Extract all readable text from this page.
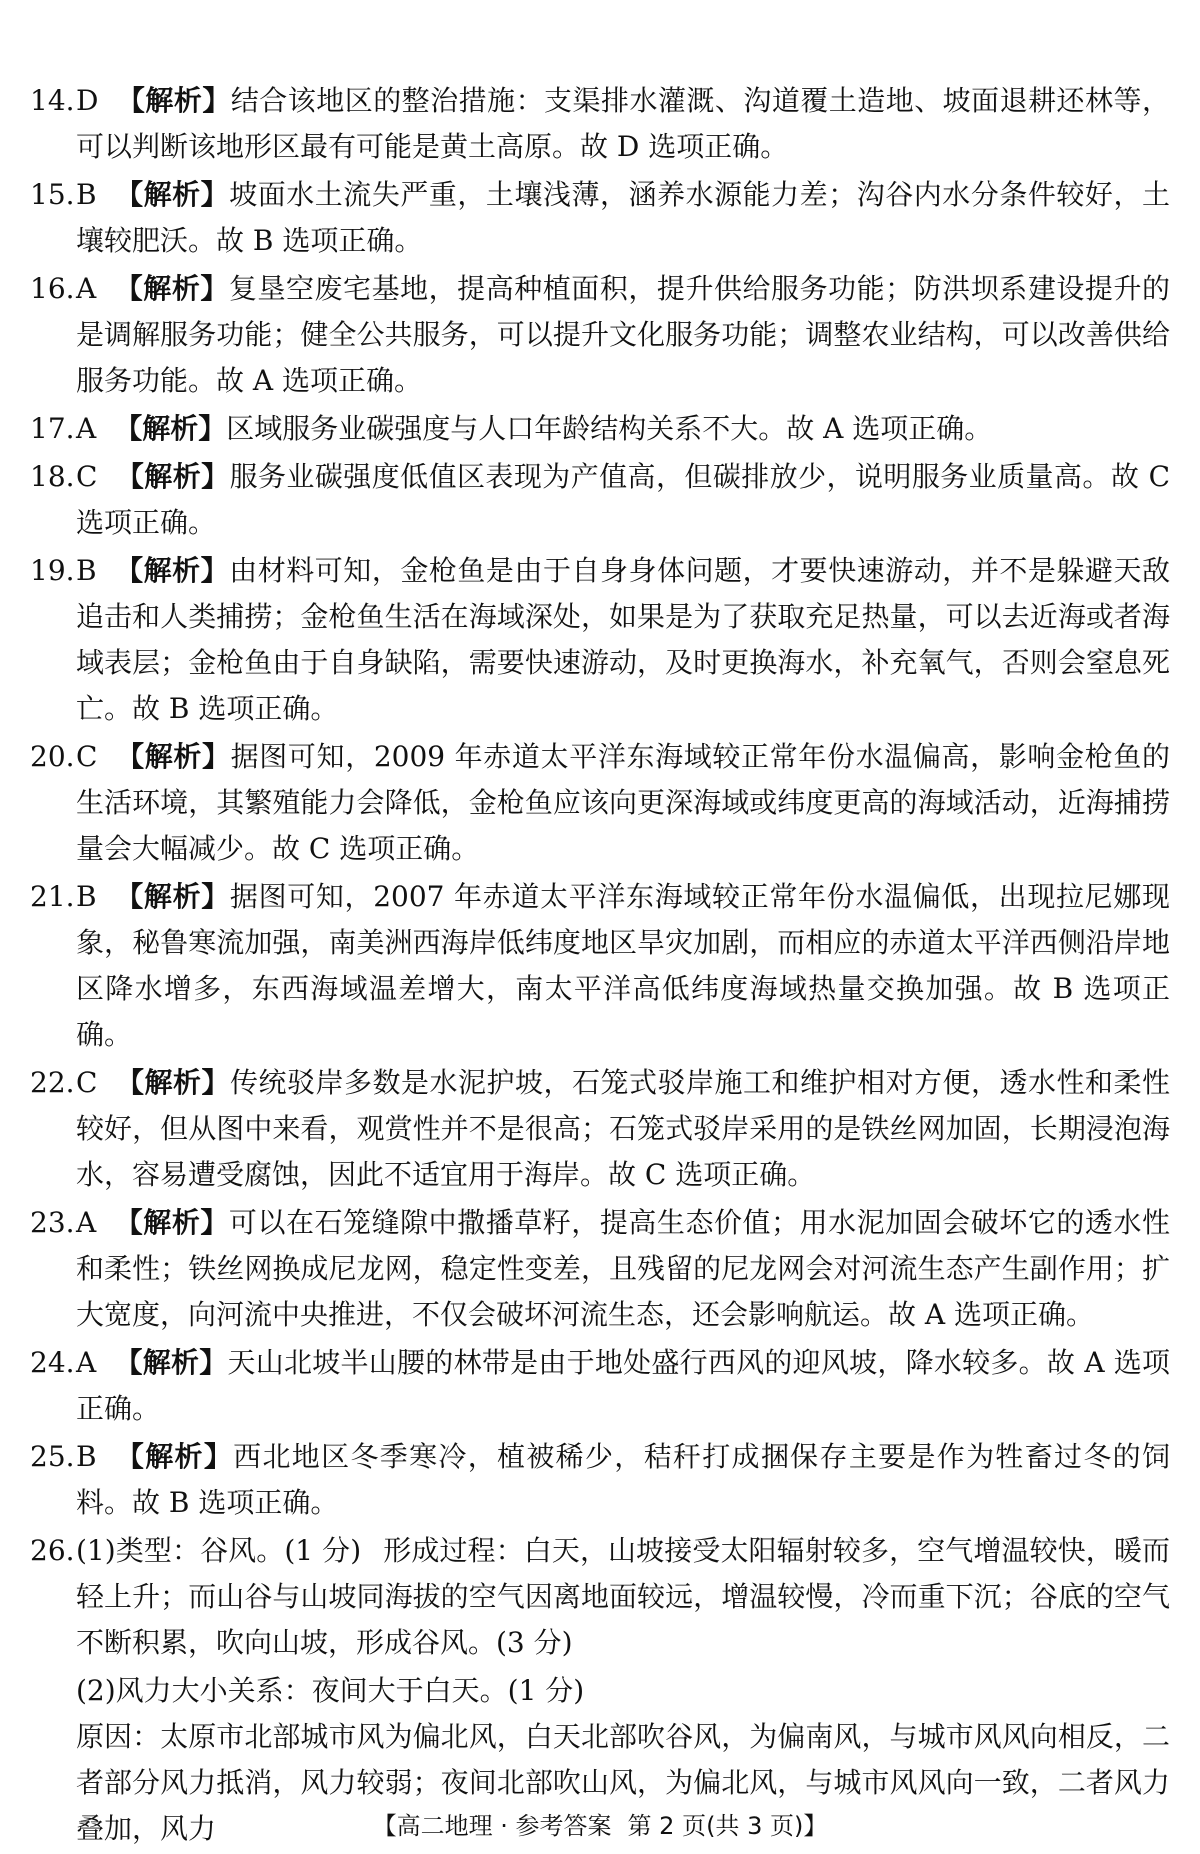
14. D 【解析】结合该地区的整治措施：支渠排水灌溉、沟道覆土造地、坡面退耕还林等，可以判断该地形区最有可能是黄土高原。故 D 选项正确。
15. B 【解析】坡面水土流失严重，土壤浅薄，涵养水源能力差；沟谷内水分条件较好，土壤较肥沃。故 B 选项正确。
16. A 【解析】复垦空废宅基地，提高种植面积，提升供给服务功能；防洪坝系建设提升的是调解服务功能；健全公共服务，可以提升文化服务功能；调整农业结构，可以改善供给服务功能。故 A 选项正确。
17. A 【解析】区域服务业碳强度与人口年龄结构关系不大。故 A 选项正确。
18. C 【解析】服务业碳强度低值区表现为产值高，但碳排放少，说明服务业质量高。故 C 选项正确。
19. B 【解析】由材料可知，金枪鱼是由于自身身体问题，才要快速游动，并不是躲避天敌追击和人类捕捞；金枪鱼生活在海域深处，如果是为了获取充足热量，可以去近海或者海域表层；金枪鱼由于自身缺陷，需要快速游动，及时更换海水，补充氧气，否则会窒息死亡。故 B 选项正确。
20. C 【解析】据图可知，2009 年赤道太平洋东海域较正常年份水温偏高，影响金枪鱼的生活环境，其繁殖能力会降低，金枪鱼应该向更深海域或纬度更高的海域活动，近海捕捞量会大幅减少。故 C 选项正确。
21. B 【解析】据图可知，2007 年赤道太平洋东海域较正常年份水温偏低，出现拉尼娜现象，秘鲁寒流加强，南美洲西海岸低纬度地区旱灾加剧，而相应的赤道太平洋西侧沿岸地区降水增多，东西海域温差增大，南太平洋高低纬度海域热量交换加强。故 B 选项正确。
22. C 【解析】传统驳岸多数是水泥护坡，石笼式驳岸施工和维护相对方便，透水性和柔性较好，但从图中来看，观赏性并不是很高；石笼式驳岸采用的是铁丝网加固，长期浸泡海水，容易遭受腐蚀，因此不适宜用于海岸。故 C 选项正确。
23. A 【解析】可以在石笼缝隙中撒播草籽，提高生态价值；用水泥加固会破坏它的透水性和柔性；铁丝网换成尼龙网，稳定性变差，且残留的尼龙网会对河流生态产生副作用；扩大宽度，向河流中央推进，不仅会破坏河流生态，还会影响航运。故 A 选项正确。
24. A 【解析】天山北坡半山腰的林带是由于地处盛行西风的迎风坡，降水较多。故 A 选项正确。
25. B 【解析】西北地区冬季寒冷，植被稀少，秸秆打成捆保存主要是作为牲畜过冬的饲料。故 B 选项正确。
26. (1)类型：谷风。(1 分) 形成过程：白天，山坡接受太阳辐射较多，空气增温较快，暖而轻上升；而山谷与山坡同海拔的空气因离地面较远，增温较慢，冷而重下沉；谷底的空气不断积累，吹向山坡，形成谷风。(3 分)
(2)风力大小关系：夜间大于白天。(1 分)
原因：太原市北部城市风为偏北风，白天北部吹谷风，为偏南风，与城市风风向相反，二者部分风力抵消，风力较弱；夜间北部吹山风，为偏北风，与城市风风向一致，二者风力叠加，风力	【高二地理 · 参考答案 第 2 页(共 3 页)】
